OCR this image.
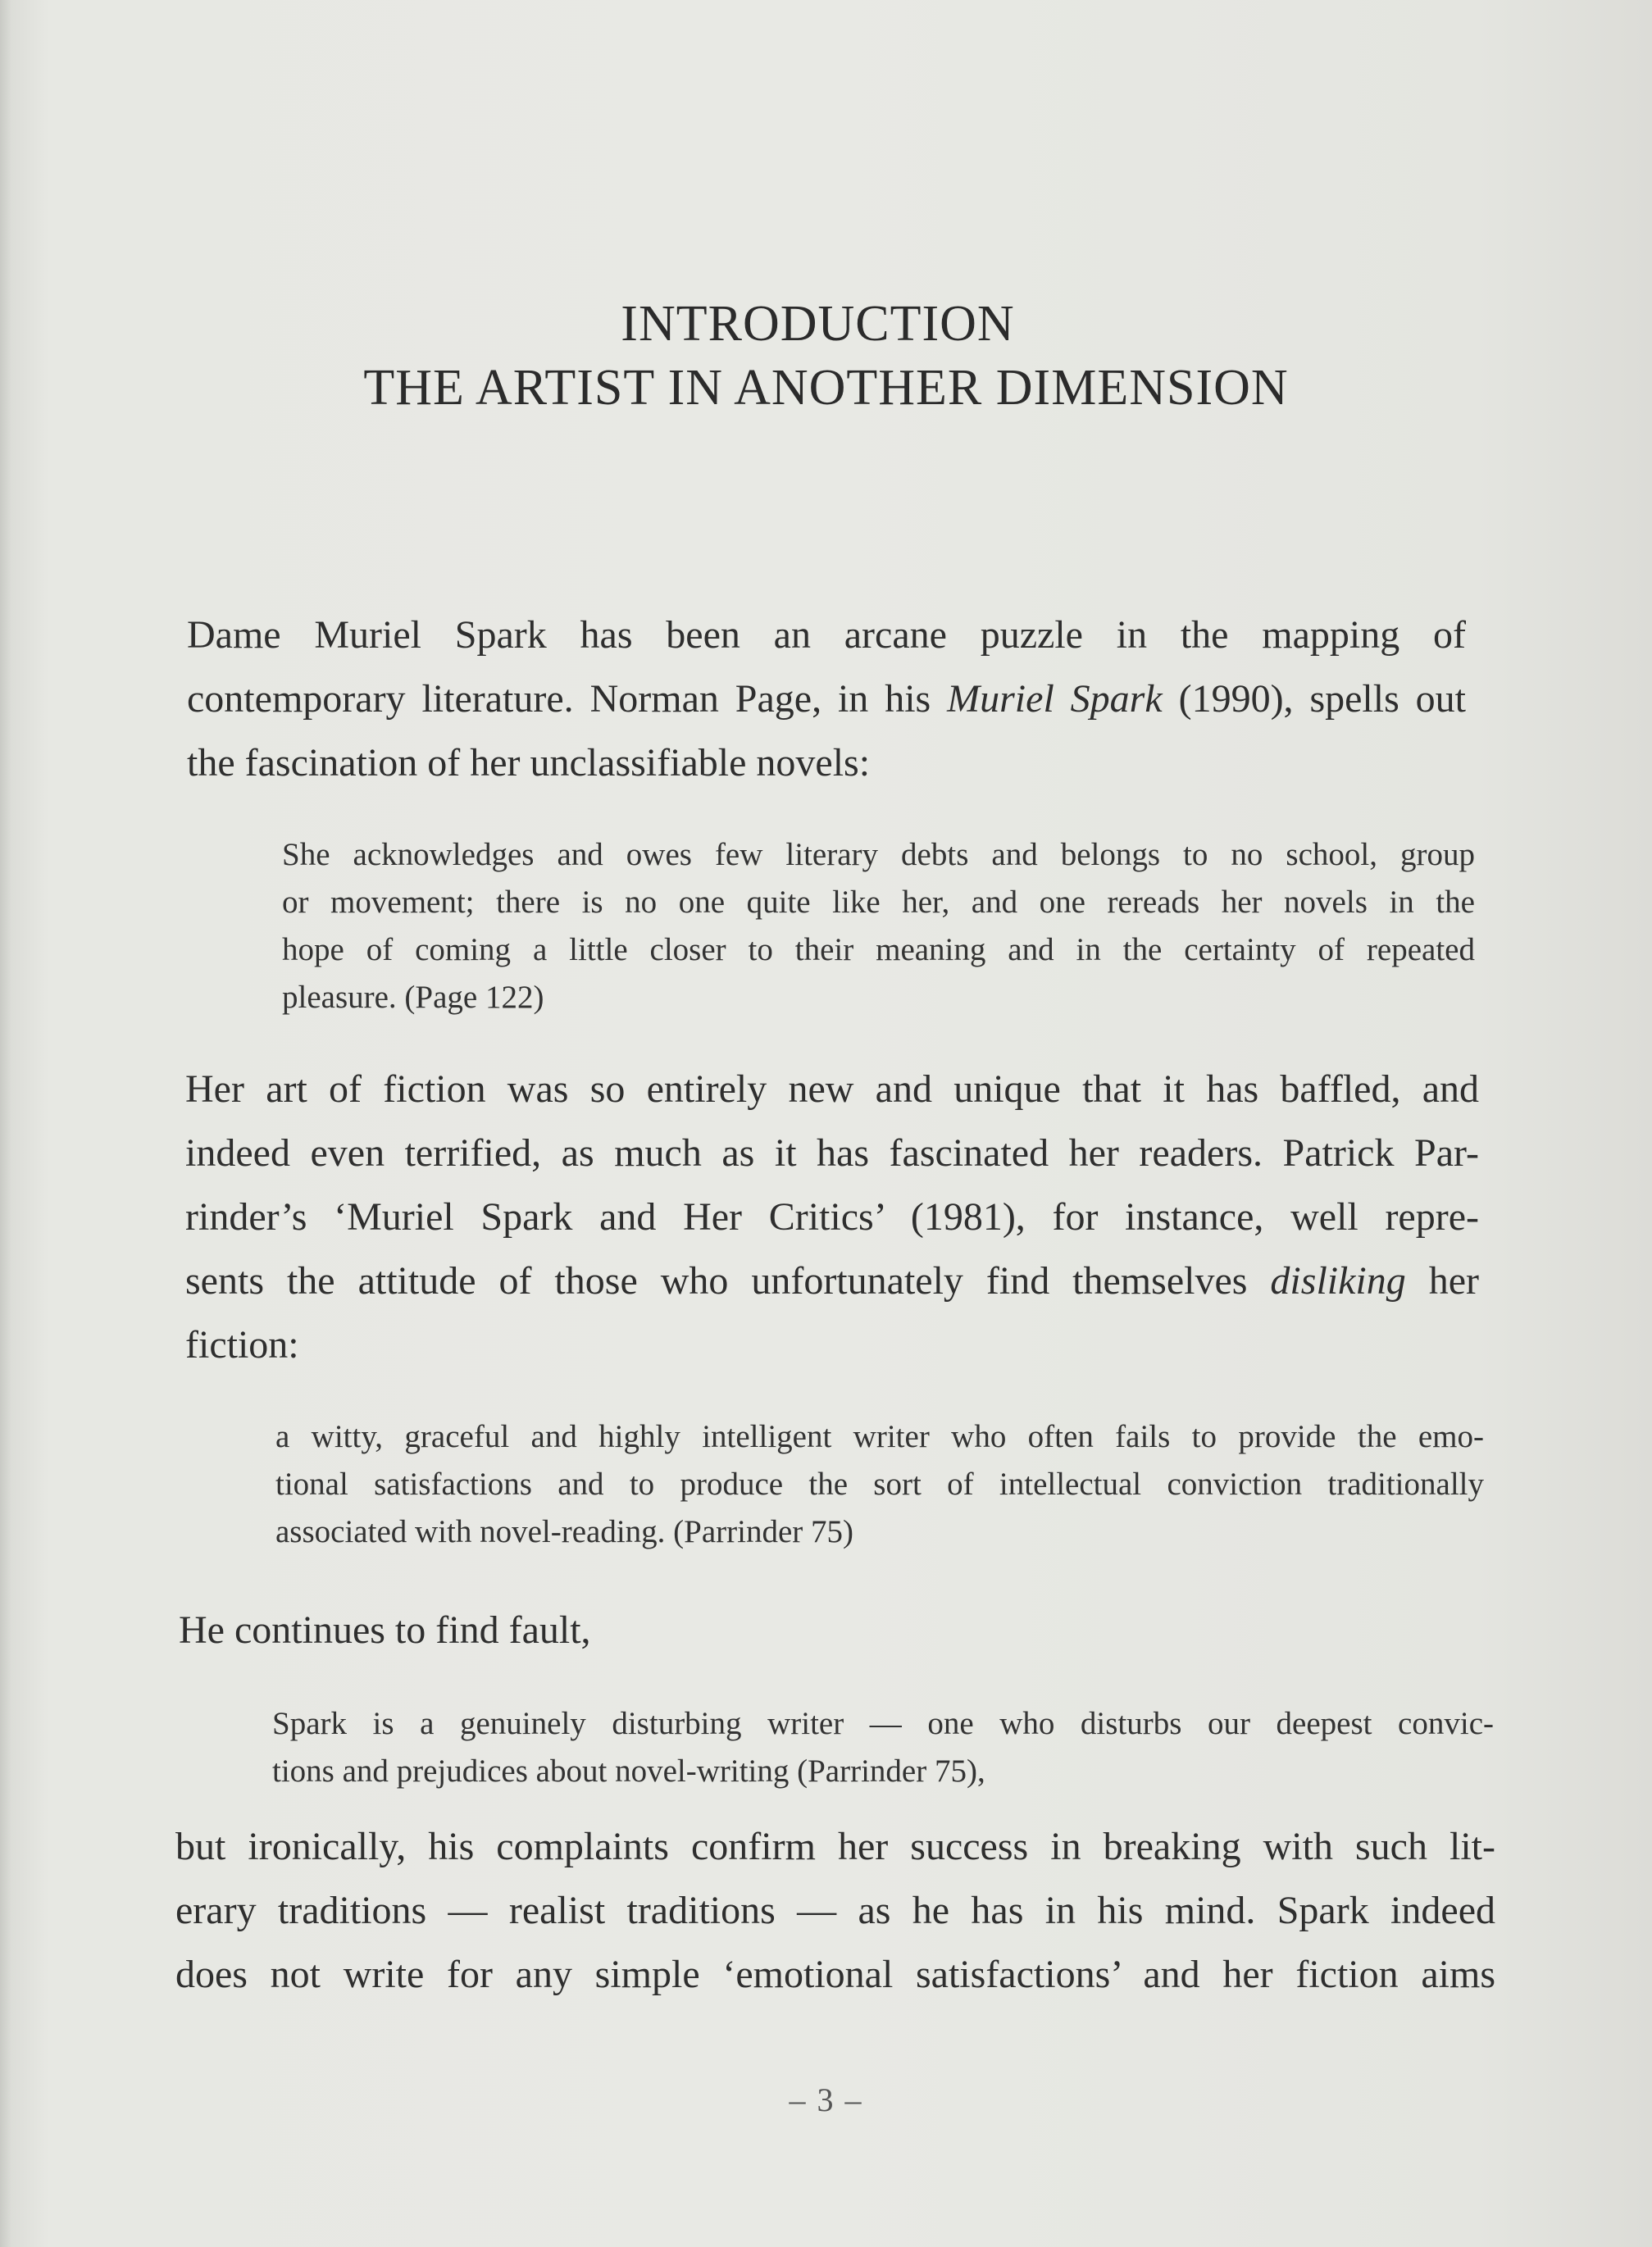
INTRODUCTION
THE ARTIST IN ANOTHER DIMENSION
Dame Muriel Spark has been an arcane puzzle in the mapping of
contemporary literature. Norman Page, in his Muriel Spark (1990), spells out
the fascination of her unclassifiable novels:
She acknowledges and owes few literary debts and belongs to no school, group
or movement; there is no one quite like her, and one rereads her novels in the
hope of coming a little closer to their meaning and in the certainty of repeated
pleasure. (Page 122)
Her art of fiction was so entirely new and unique that it has baffled, and
indeed even terrified, as much as it has fascinated her readers. Patrick Par-
rinder’s ‘Muriel Spark and Her Critics’ (1981), for instance, well repre-
sents the attitude of those who unfortunately find themselves disliking her
fiction:
a witty, graceful and highly intelligent writer who often fails to provide the emo-
tional satisfactions and to produce the sort of intellectual conviction traditionally
associated with novel-reading. (Parrinder 75)
He continues to find fault,
Spark is a genuinely disturbing writer — one who disturbs our deepest convic-
tions and prejudices about novel-writing (Parrinder 75),
but ironically, his complaints confirm her success in breaking with such lit-
erary traditions — realist traditions — as he has in his mind. Spark indeed
does not write for any simple ‘emotional satisfactions’ and her fiction aims
– 3 –
